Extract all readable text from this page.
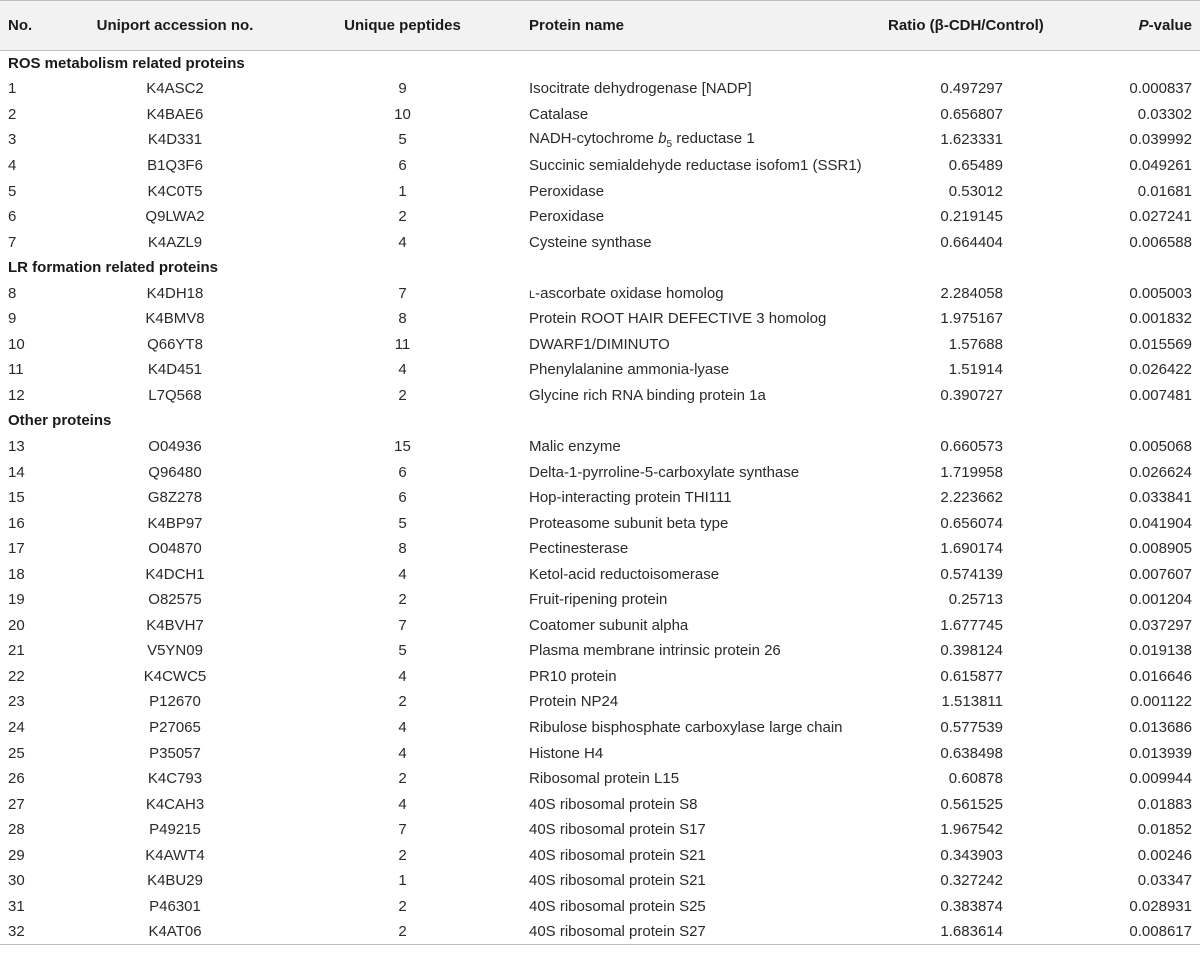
No.	Uniport accession no.	Unique peptides	Protein name	Ratio (β-CDH/Control)	P-value
ROS metabolism related proteins					
1	K4ASC2	9	Isocitrate dehydrogenase [NADP]	0.497297	0.000837
2	K4BAE6	10	Catalase	0.656807	0.03302
3	K4D331	5	NADH-cytochrome $b_5$ reductase 1	1.623331	0.039992
4	B1Q3F6	6	Succinic semialdehyde reductase isofom1 (SSR1)	0.65489	0.049261
5	K4C0T5	1	Peroxidase	0.53012	0.01681
6	Q9LWA2	2	Peroxidase	0.219145	0.027241
7	K4AZL9	4	Cysteine synthase	0.664404	0.006588
LR formation related proteins					
8	K4DH18	7	l-ascorbate oxidase homolog	2.284058	0.005003
9	K4BMV8	8	Protein ROOT HAIR DEFECTIVE 3 homolog	1.975167	0.001832
10	Q66YT8	11	DWARF1/DIMINUTO	1.57688	0.015569
11	K4D451	4	Phenylalanine ammonia-lyase	1.51914	0.026422
12	L7Q568	2	Glycine rich RNA binding protein 1a	0.390727	0.007481
Other proteins					
13	O04936	15	Malic enzyme	0.660573	0.005068
14	Q96480	6	Delta-1-pyrroline-5-carboxylate synthase	1.719958	0.026624
15	G8Z278	6	Hop-interacting protein THI111	2.223662	0.033841
16	K4BP97	5	Proteasome subunit beta type	0.656074	0.041904
17	O04870	8	Pectinesterase	1.690174	0.008905
18	K4DCH1	4	Ketol-acid reductoisomerase	0.574139	0.007607
19	O82575	2	Fruit-ripening protein	0.25713	0.001204
20	K4BVH7	7	Coatomer subunit alpha	1.677745	0.037297
21	V5YN09	5	Plasma membrane intrinsic protein 26	0.398124	0.019138
22	K4CWC5	4	PR10 protein	0.615877	0.016646
23	P12670	2	Protein NP24	1.513811	0.001122
24	P27065	4	Ribulose bisphosphate carboxylase large chain	0.577539	0.013686
25	P35057	4	Histone H4	0.638498	0.013939
26	K4C793	2	Ribosomal protein L15	0.60878	0.009944
27	K4CAH3	4	40S ribosomal protein S8	0.561525	0.01883
28	P49215	7	40S ribosomal protein S17	1.967542	0.01852
29	K4AWT4	2	40S ribosomal protein S21	0.343903	0.00246
30	K4BU29	1	40S ribosomal protein S21	0.327242	0.03347
31	P46301	2	40S ribosomal protein S25	0.383874	0.028931
32	K4AT06	2	40S ribosomal protein S27	1.683614	0.008617
